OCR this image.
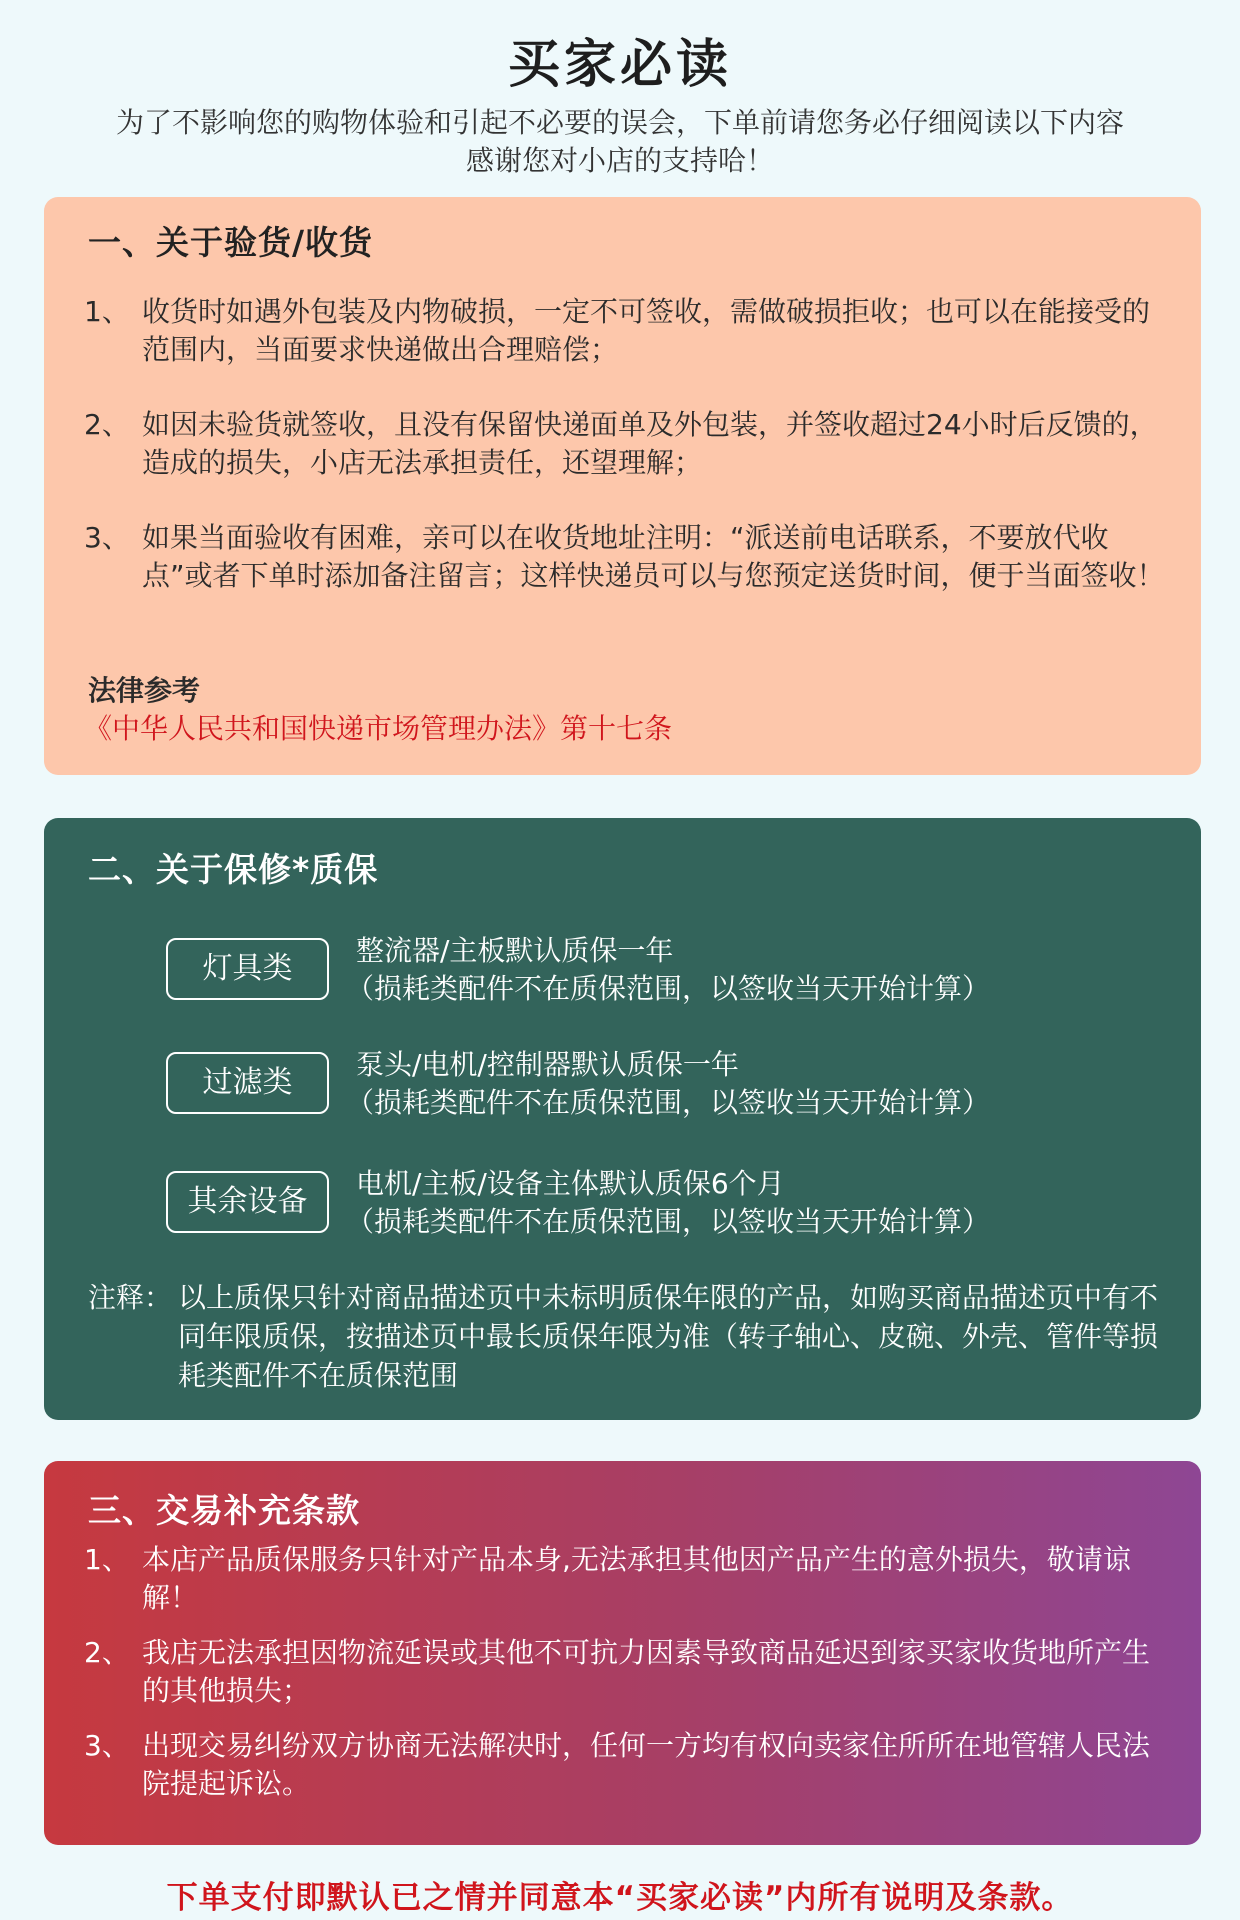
买家必读
为了不影响您的购物体验和引起不必要的误会，下单前请您务必仔细阅读以下内容
感谢您对小店的支持哈！
一、关于验货/收货
1、 收货时如遇外包装及内物破损，一定不可签收，需做破损拒收；也可以在能接受的范围内，当面要求快递做出合理赔偿；
2、 如因未验货就签收，且没有保留快递面单及外包装，并签收超过24小时后反馈的，造成的损失，小店无法承担责任，还望理解；
3、 如果当面验收有困难，亲可以在收货地址注明：“派送前电话联系，不要放代收点”或者下单时添加备注留言；这样快递员可以与您预定送货时间，便于当面签收！
法律参考
《中华人民共和国快递市场管理办法》第十七条
二、关于保修*质保
灯具类
整流器/主板默认质保一年
（损耗类配件不在质保范围，以签收当天开始计算）
过滤类
泵头/电机/控制器默认质保一年
（损耗类配件不在质保范围，以签收当天开始计算）
其余设备
电机/主板/设备主体默认质保6个月
（损耗类配件不在质保范围，以签收当天开始计算）
注释： 以上质保只针对商品描述页中未标明质保年限的产品，如购买商品描述页中有不同年限质保，按描述页中最长质保年限为准（转子轴心、皮碗、外壳、管件等损耗类配件不在质保范围
三、交易补充条款
1、 本店产品质保服务只针对产品本身,无法承担其他因产品产生的意外损失，敬请谅解！
2、 我店无法承担因物流延误或其他不可抗力因素导致商品延迟到家买家收货地所产生的其他损失；
3、 出现交易纠纷双方协商无法解决时，任何一方均有权向卖家住所所在地管辖人民法院提起诉讼。
下单支付即默认已之情并同意本“买家必读”内所有说明及条款。
